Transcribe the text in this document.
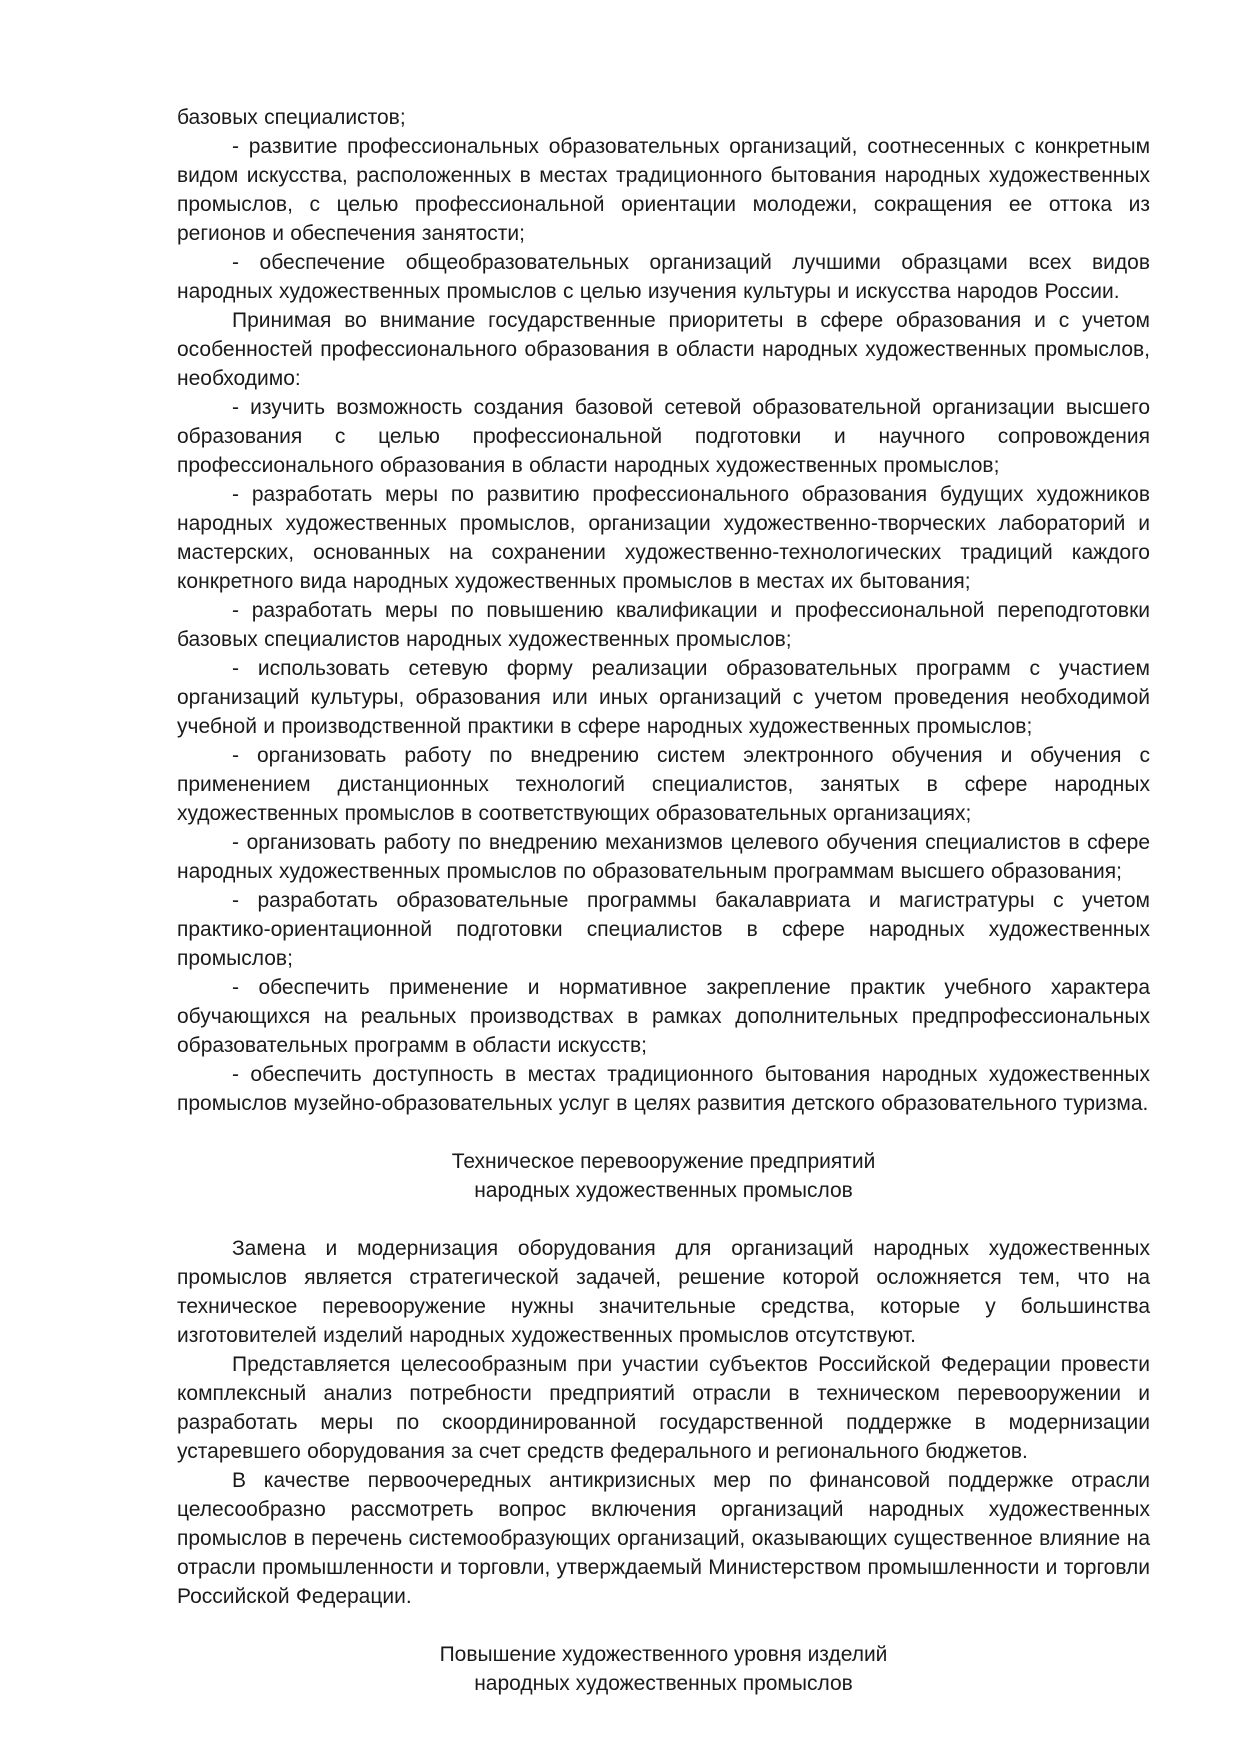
базовых специалистов;

- развитие профессиональных образовательных организаций, соотнесенных с конкретным видом искусства, расположенных в местах традиционного бытования народных художественных промыслов, с целью профессиональной ориентации молодежи, сокращения ее оттока из регионов и обеспечения занятости;

- обеспечение общеобразовательных организаций лучшими образцами всех видов народных художественных промыслов с целью изучения культуры и искусства народов России.

Принимая во внимание государственные приоритеты в сфере образования и с учетом особенностей профессионального образования в области народных художественных промыслов, необходимо:

- изучить возможность создания базовой сетевой образовательной организации высшего образования с целью профессиональной подготовки и научного сопровождения профессионального образования в области народных художественных промыслов;

- разработать меры по развитию профессионального образования будущих художников народных художественных промыслов, организации художественно-творческих лабораторий и мастерских, основанных на сохранении художественно-технологических традиций каждого конкретного вида народных художественных промыслов в местах их бытования;

- разработать меры по повышению квалификации и профессиональной переподготовки базовых специалистов народных художественных промыслов;

- использовать сетевую форму реализации образовательных программ с участием организаций культуры, образования или иных организаций с учетом проведения необходимой учебной и производственной практики в сфере народных художественных промыслов;

- организовать работу по внедрению систем электронного обучения и обучения с применением дистанционных технологий специалистов, занятых в сфере народных художественных промыслов в соответствующих образовательных организациях;

- организовать работу по внедрению механизмов целевого обучения специалистов в сфере народных художественных промыслов по образовательным программам высшего образования;

- разработать образовательные программы бакалавриата и магистратуры с учетом практико-ориентационной подготовки специалистов в сфере народных художественных промыслов;

- обеспечить применение и нормативное закрепление практик учебного характера обучающихся на реальных производствах в рамках дополнительных предпрофессиональных образовательных программ в области искусств;

- обеспечить доступность в местах традиционного бытования народных художественных промыслов музейно-образовательных услуг в целях развития детского образовательного туризма.

Техническое перевооружение предприятий
народных художественных промыслов

Замена и модернизация оборудования для организаций народных художественных промыслов является стратегической задачей, решение которой осложняется тем, что на техническое перевооружение нужны значительные средства, которые у большинства изготовителей изделий народных художественных промыслов отсутствуют.

Представляется целесообразным при участии субъектов Российской Федерации провести комплексный анализ потребности предприятий отрасли в техническом перевооружении и разработать меры по скоординированной государственной поддержке в модернизации устаревшего оборудования за счет средств федерального и регионального бюджетов.

В качестве первоочередных антикризисных мер по финансовой поддержке отрасли целесообразно рассмотреть вопрос включения организаций народных художественных промыслов в перечень системообразующих организаций, оказывающих существенное влияние на отрасли промышленности и торговли, утверждаемый Министерством промышленности и торговли Российской Федерации.

Повышение художественного уровня изделий
народных художественных промыслов
